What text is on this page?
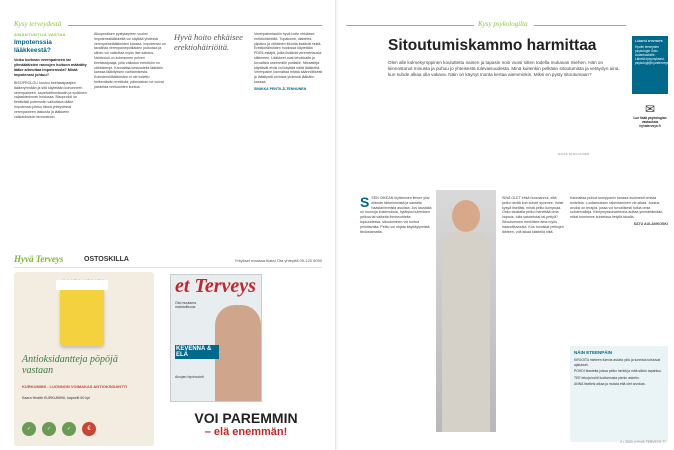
Kysy terveydestä
ASIANTUNTIJA VASTAA
Impotenssia lääkkeestä?
Voiko korkean verenpaineen tai ylimääräisten rasvojen hoitoon määrätty lääke aiheuttaa impotenssia? Mistä impotenssi johtuu?

BISOPROLOLI kuuluu beetasalpaajien lääkeryhmään ja sitä käytetään kohonneen verenpaineen, sepelvaltimotaudin ja sydämen vajaatoiminnan hoidossa. Bisoprololi on tiettävästi potenssiin vaikuttava lääke. Impotenssi johtuu tässä yhteydessä verenpaineen laskusta ja lääkkeen vaikutuksista hermostoon.

Alkuperäisen pystytarpeen vuoksi impotenssilääkkeitä voi käyttää yhdessä verenpainelääkkeiden kanssa. Impotenssi on tavallista verenpainepotilaiden joukossa ja siihen voi vaikuttaa myös itse sairaus. Nebivololi on kolmannen polven beetasalpaaja, jolla vaikutus erektiöön on vähäisempi. Kannattaa keskustella lääkärin kanssa lääkityksen vaihtamisesta. Kolesterolilääkkeiden ei ole todettu heikentävän erektiota, päinvastoin ne voivat parantaa verisuonten kuntoa.

Hyvä hoito ehkäisee erektiohäiriöitä.

Verenpainetautiin hyvä hoito ehkäisee erektiohäiriöitä. Tupakointi, diabetes, ylipaino ja vähäinen liikunta lisäävät riskiä. Erektiohäiriöiden hoidossa käytetään PDE5-estäjiä, jotka lisäävät verenvirtausta siittimeen. Lääkkeet ovat tehokkaita ja turvallisia useimmille potilaille. Nitraatteja käyttävät eivät voi käyttää näitä lääkkeitä. Verenpaine kannattaa mitata säännöllisesti ja lääkitystä arvioida yhdessä lääkärin kanssa.

SINIKKA PENTILÄ-TENHUNEN

Hyvä Terveys	OSTOSKILLA	Yritykset maassa tilata! Ota yhteyttä 09-120 5090
Antioksidantteja pöpöjä vastaan
KURKUMIINI - LUONNON VOIMAKAS ANTIOKSIDANTTI
Kaara Health KURKUMIINI, kapselit 60 kpl
✓	✓	✓	€
et Terveys
Ota muutama mahdollisuus
KEVENNÄ & ELÄ
Aivojen hyvinvointi
VOI PAREMMIN
– elä enemmän!
Kysy psykologilta
Sitoutumiskammo harmittaa
Olen alle kolmekymppinen kouluttettu nainen ja tapasin noin vuosi sitten todella mukavan miehen. Hän on kiinnostunut minusta ja puhuu jo yhteisestä tulevaisuudesta. Minä kuitenkin pelkään sitoutumista ja vetäydyn aina, kun suhde alkaa olla vakava. Näin on käynyt monta kertaa aiemminkin. Miksi en pysty sitoutumaan?
RAISA PANULAINEN
LÄHETÄ KYSYMYS
Hyvän terveyden psykologin Satu Aulankoskelle. Lähetä kysymyksesi: psykologi@hyvaterveys.fi
✉
Lue lisää psykologian vastauksia hyvaterveys.fi

SSEN OIKEAN löytäminen lienee yksi elämän tärkeimmistä ja samalla haastavimmista asioista. Jos taustalla on huonoja kokemuksia, hylätyksi tulemisen pelkoa tai vaikeita ihmissuhteita lapsuudessa, sitoutuminen voi tuntua pelottavalta. Pelko voi ohjata käyttäytymistä tiedostamatta.

SINÄ OLET ehkä huomannut, että pelko herää kun suhde syvenee. Voisit kysyä itseltäsi, mistä pelko kumpuaa. Onko taustalla pelko menettää oma vapaus, tulla satutetuksi tai pettyä? Sitoutuminen merkitsee aina myös haavoittuvuutta. Kun tunnistat pelkojen lähteen, voit alkaa käsitellä niitä.

Kannattaa puhua kumppanin kanssa avoimesti omista tunteista. Luottamuksen rakentaminen vie aikaa. Joskus avuksi on terapia, jossa voi turvallisesti tutkia omia suhdemalleja. Kiintymyssuhdeteoria auttaa ymmärtämään, miksi toimimme suhteissa tietyllä tavalla.

SATU AULANKOSKI

NÄIN ETEENPÄIN
KIRJOITA mieleen tulevia asioita ylös ja tunnista toistuvat ajatukset.
POHDI tilanteita joissa pelko herää ja mitä silloin tapahtuu.
TEE tekoja kohti luottamusta pienin askelin.
ANNA itsellesi aikaa ja muista että olet arvokas.
2 • 2020 | HYVÄ TERVEYS 77
